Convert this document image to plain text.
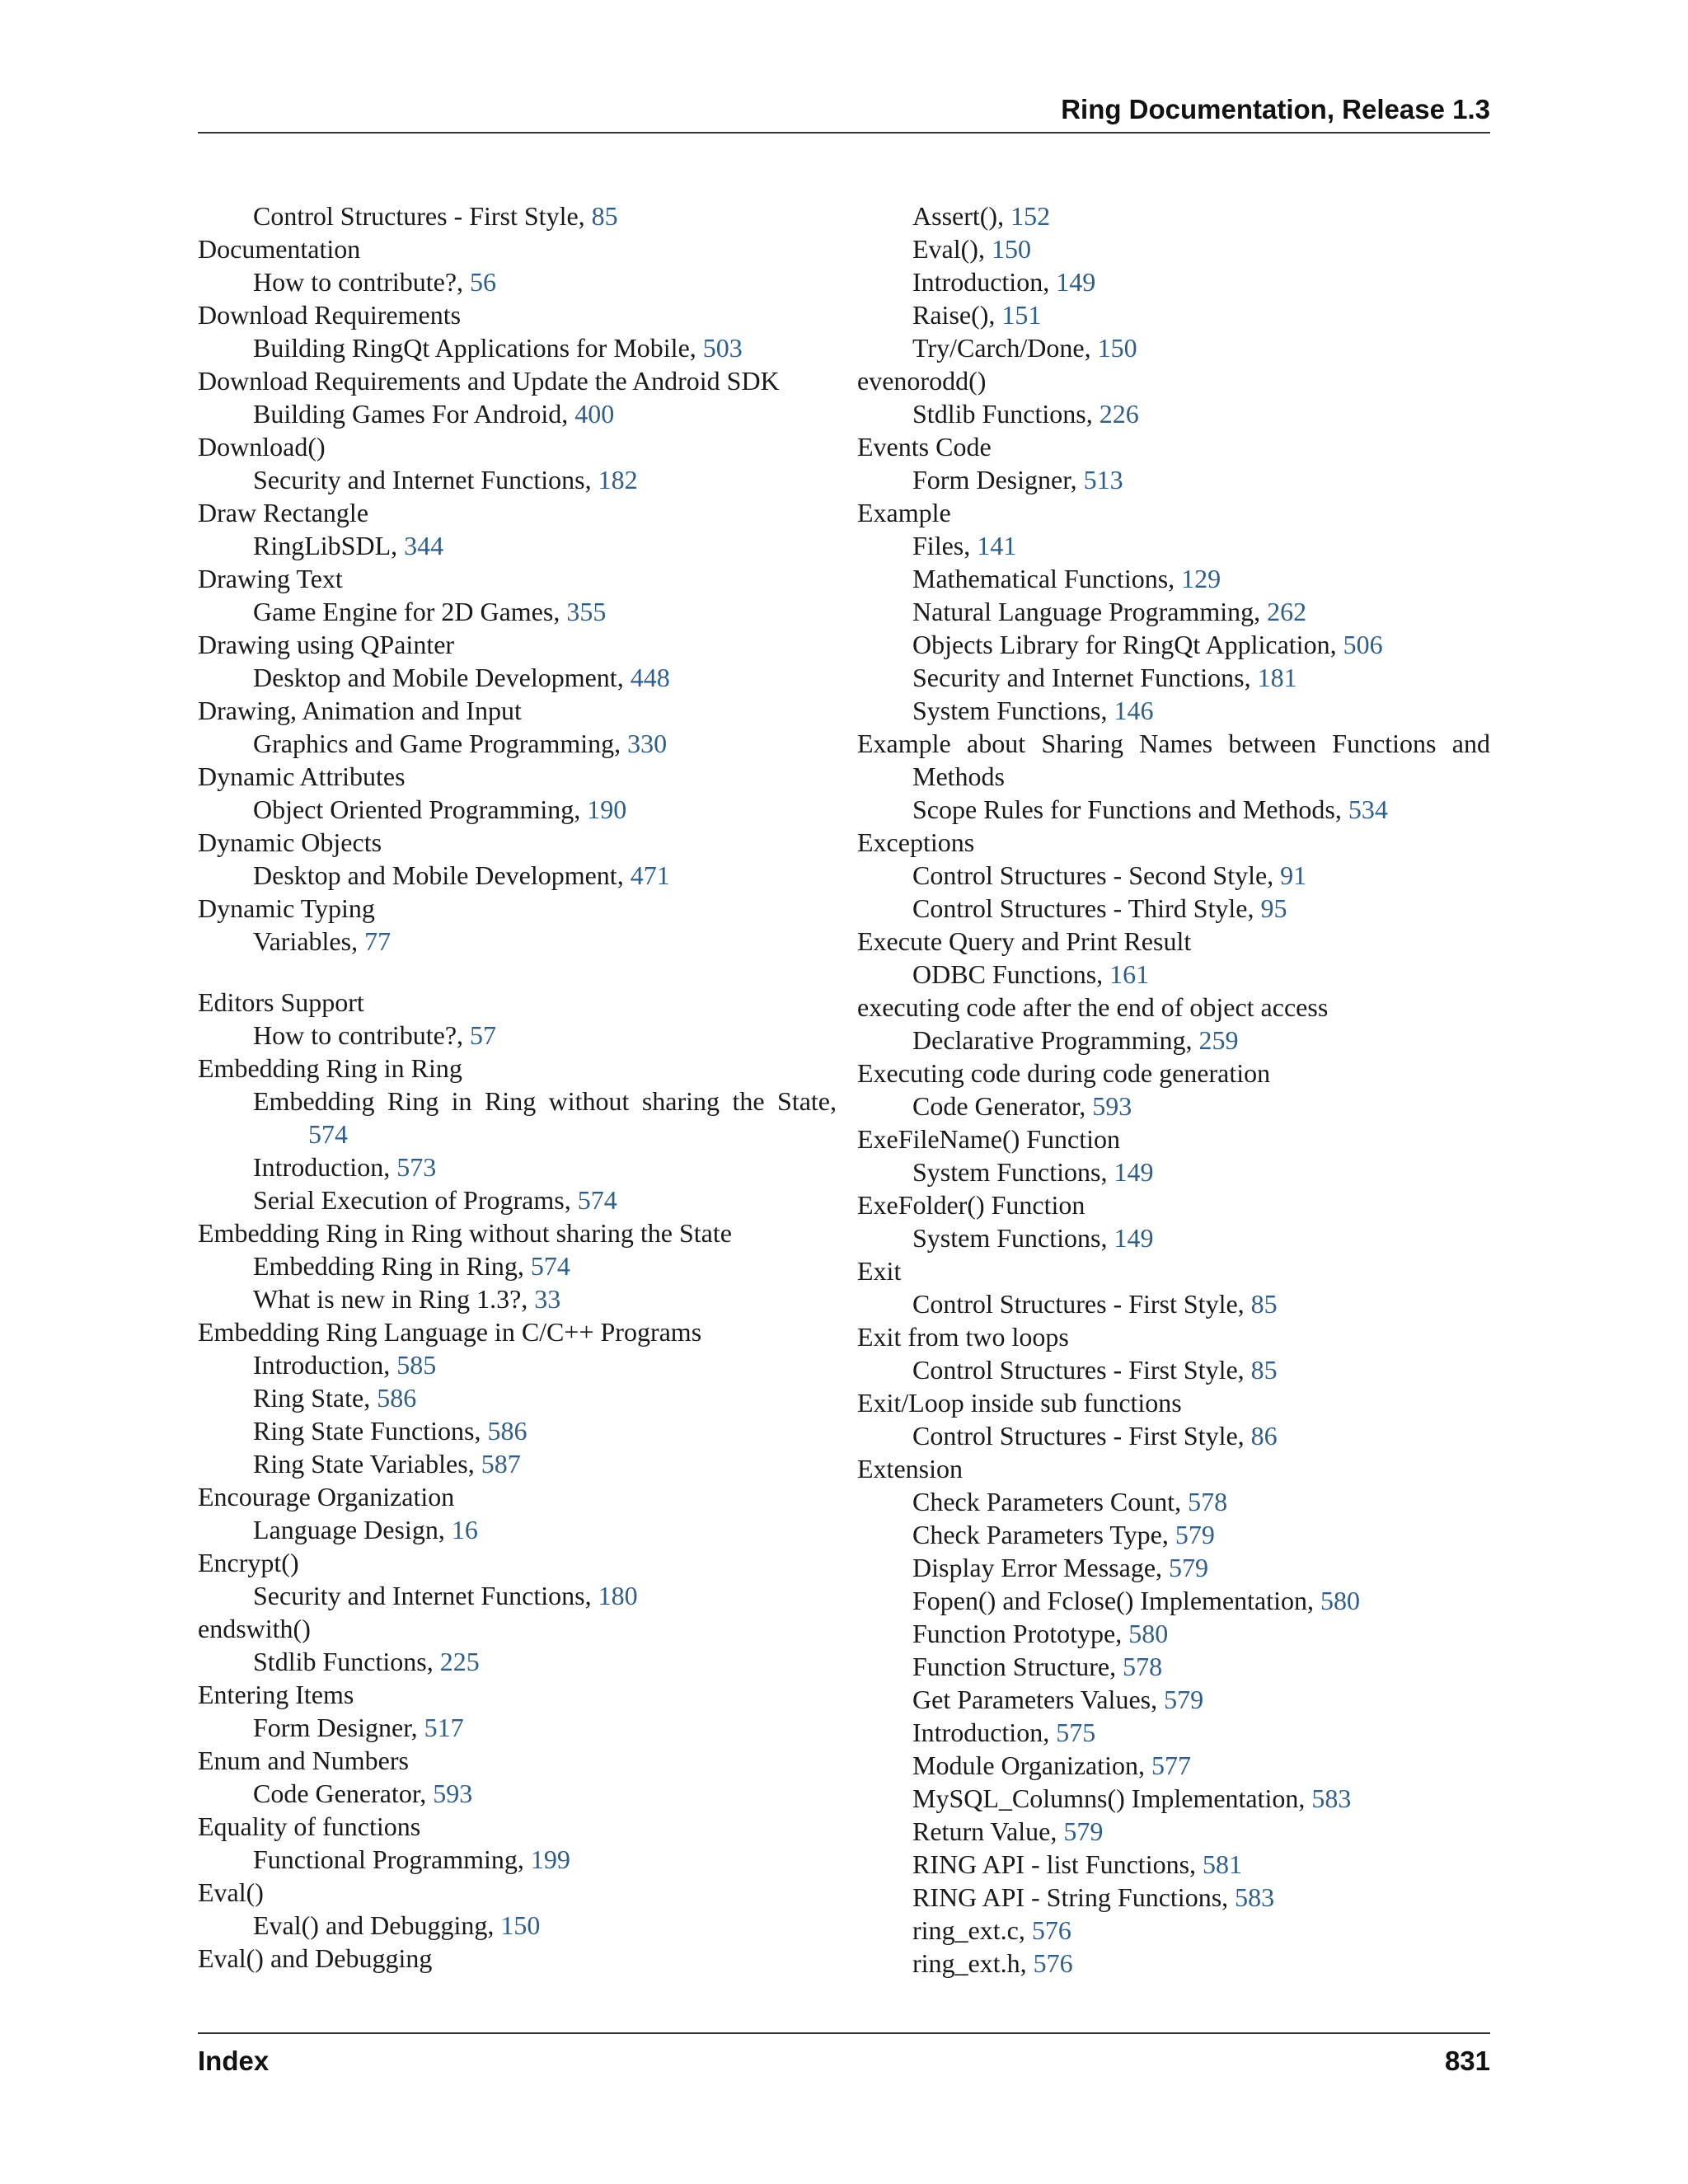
Ring Documentation, Release 1.3
Control Structures - First Style, 85
Documentation
How to contribute?, 56
Download Requirements
Building RingQt Applications for Mobile, 503
Download Requirements and Update the Android SDK
Building Games For Android, 400
Download()
Security and Internet Functions, 182
Draw Rectangle
RingLibSDL, 344
Drawing Text
Game Engine for 2D Games, 355
Drawing using QPainter
Desktop and Mobile Development, 448
Drawing, Animation and Input
Graphics and Game Programming, 330
Dynamic Attributes
Object Oriented Programming, 190
Dynamic Objects
Desktop and Mobile Development, 471
Dynamic Typing
Variables, 77
Editors Support
How to contribute?, 57
Embedding Ring in Ring
Embedding Ring in Ring without sharing the State, 574
Introduction, 573
Serial Execution of Programs, 574
Embedding Ring in Ring without sharing the State
Embedding Ring in Ring, 574
What is new in Ring 1.3?, 33
Embedding Ring Language in C/C++ Programs
Introduction, 585
Ring State, 586
Ring State Functions, 586
Ring State Variables, 587
Encourage Organization
Language Design, 16
Encrypt()
Security and Internet Functions, 180
endswith()
Stdlib Functions, 225
Entering Items
Form Designer, 517
Enum and Numbers
Code Generator, 593
Equality of functions
Functional Programming, 199
Eval()
Eval() and Debugging, 150
Eval() and Debugging
Assert(), 152
Eval(), 150
Introduction, 149
Raise(), 151
Try/Carch/Done, 150
evenorodd()
Stdlib Functions, 226
Events Code
Form Designer, 513
Example
Files, 141
Mathematical Functions, 129
Natural Language Programming, 262
Objects Library for RingQt Application, 506
Security and Internet Functions, 181
System Functions, 146
Example about Sharing Names between Functions and Methods
Scope Rules for Functions and Methods, 534
Exceptions
Control Structures - Second Style, 91
Control Structures - Third Style, 95
Execute Query and Print Result
ODBC Functions, 161
executing code after the end of object access
Declarative Programming, 259
Executing code during code generation
Code Generator, 593
ExeFileName() Function
System Functions, 149
ExeFolder() Function
System Functions, 149
Exit
Control Structures - First Style, 85
Exit from two loops
Control Structures - First Style, 85
Exit/Loop inside sub functions
Control Structures - First Style, 86
Extension
Check Parameters Count, 578
Check Parameters Type, 579
Display Error Message, 579
Fopen() and Fclose() Implementation, 580
Function Prototype, 580
Function Structure, 578
Get Parameters Values, 579
Introduction, 575
Module Organization, 577
MySQL_Columns() Implementation, 583
Return Value, 579
RING API - list Functions, 581
RING API - String Functions, 583
ring_ext.c, 576
ring_ext.h, 576
Index	831
